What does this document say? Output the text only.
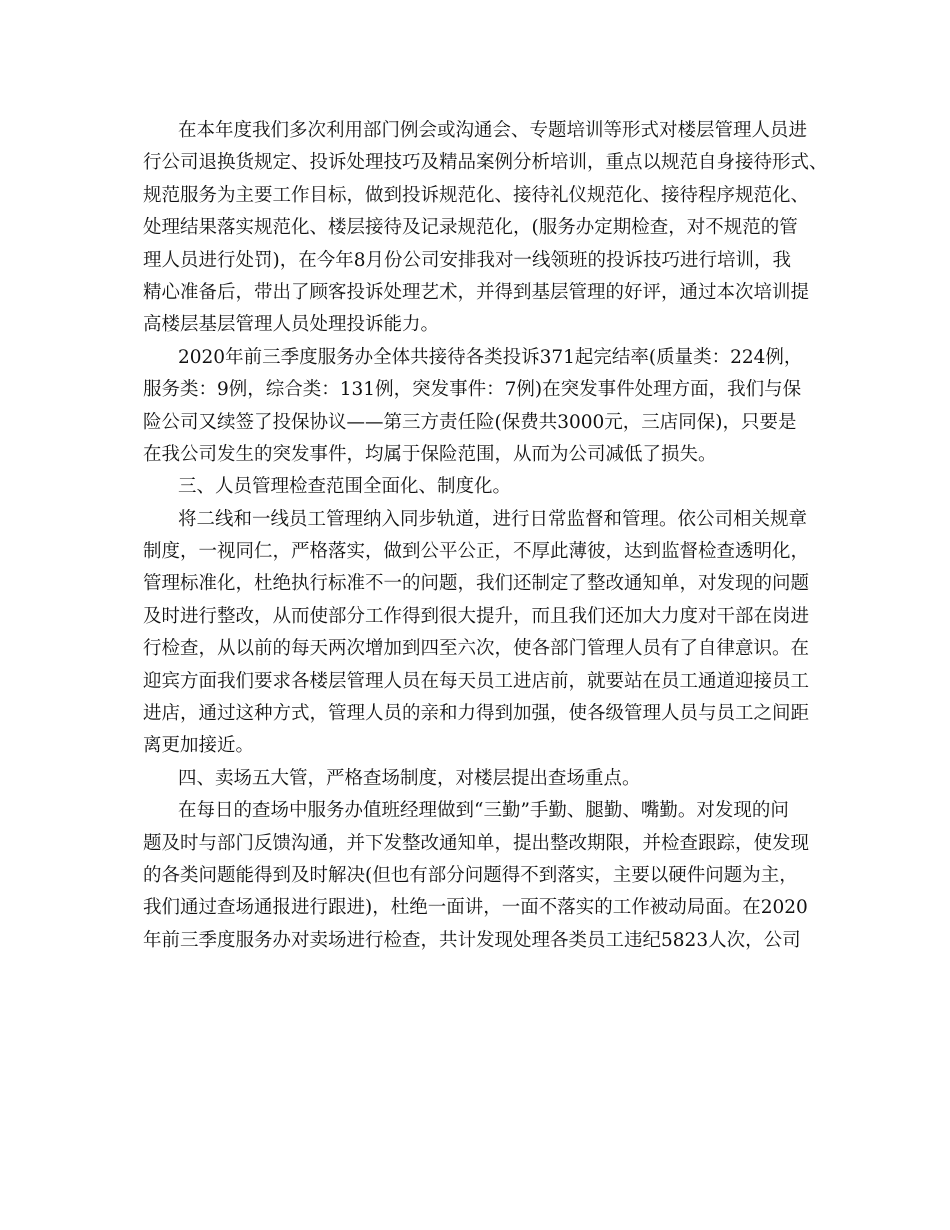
在本年度我们多次利用部门例会或沟通会、专题培训等形式对楼层管理人员进
行公司退换货规定、投诉处理技巧及精品案例分析培训，重点以规范自身接待形式、
规范服务为主要工作目标，做到投诉规范化、接待礼仪规范化、接待程序规范化、
处理结果落实规范化、楼层接待及记录规范化，(服务办定期检查，对不规范的管
理人员进行处罚)，在今年8月份公司安排我对一线领班的投诉技巧进行培训，我
精心准备后，带出了顾客投诉处理艺术，并得到基层管理的好评，通过本次培训提
高楼层基层管理人员处理投诉能力。
2020年前三季度服务办全体共接待各类投诉371起完结率(质量类：224例，
服务类：9例，综合类：131例，突发事件：7例)在突发事件处理方面，我们与保
险公司又续签了投保协议——第三方责任险(保费共3000元，三店同保)，只要是
在我公司发生的突发事件，均属于保险范围，从而为公司减低了损失。
三、人员管理检查范围全面化、制度化。
将二线和一线员工管理纳入同步轨道，进行日常监督和管理。依公司相关规章
制度，一视同仁，严格落实，做到公平公正，不厚此薄彼，达到监督检查透明化，
管理标准化，杜绝执行标准不一的问题，我们还制定了整改通知单，对发现的问题
及时进行整改，从而使部分工作得到很大提升，而且我们还加大力度对干部在岗进
行检查，从以前的每天两次增加到四至六次，使各部门管理人员有了自律意识。在
迎宾方面我们要求各楼层管理人员在每天员工进店前，就要站在员工通道迎接员工
进店，通过这种方式，管理人员的亲和力得到加强，使各级管理人员与员工之间距
离更加接近。
四、卖场五大管，严格查场制度，对楼层提出查场重点。
在每日的查场中服务办值班经理做到“三勤”手勤、腿勤、嘴勤。对发现的问
题及时与部门反馈沟通，并下发整改通知单，提出整改期限，并检查跟踪，使发现
的各类问题能得到及时解决(但也有部分问题得不到落实，主要以硬件问题为主，
我们通过查场通报进行跟进)，杜绝一面讲，一面不落实的工作被动局面。在2020
年前三季度服务办对卖场进行检查，共计发现处理各类员工违纪5823人次，公司
